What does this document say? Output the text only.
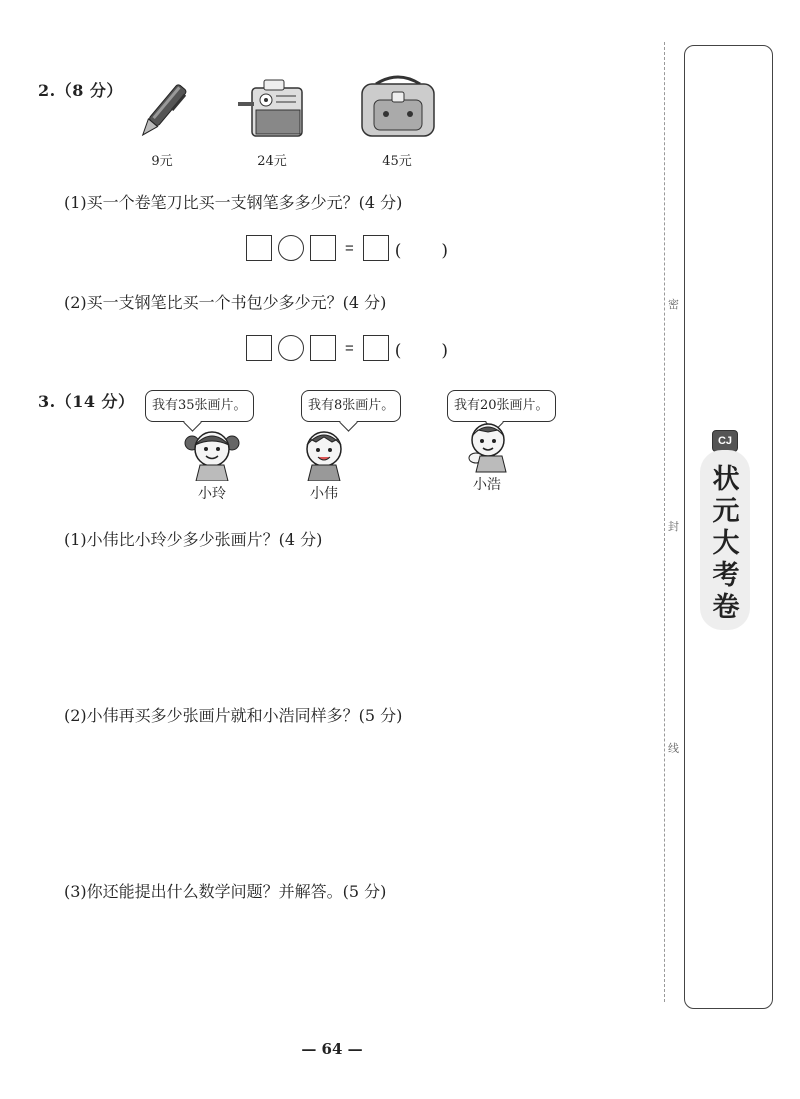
2.（8 分）
9元	24元	45元
(1)买一个卷笔刀比买一支钢笔多多少元？(4 分)
= (　　)
(2)买一支钢笔比买一个书包少多少元？(4 分)
= (　　)
3.（14 分）	我有35张画片。	我有8张画片。	我有20张画片。
小玲	小伟
小浩
(1)小伟比小玲少多少张画片？(4 分)
(2)小伟再买多少张画片就和小浩同样多？(5 分)
(3)你还能提出什么数学问题？并解答。(5 分)
密
封
线
CJ
状元大考卷
— 64 —
